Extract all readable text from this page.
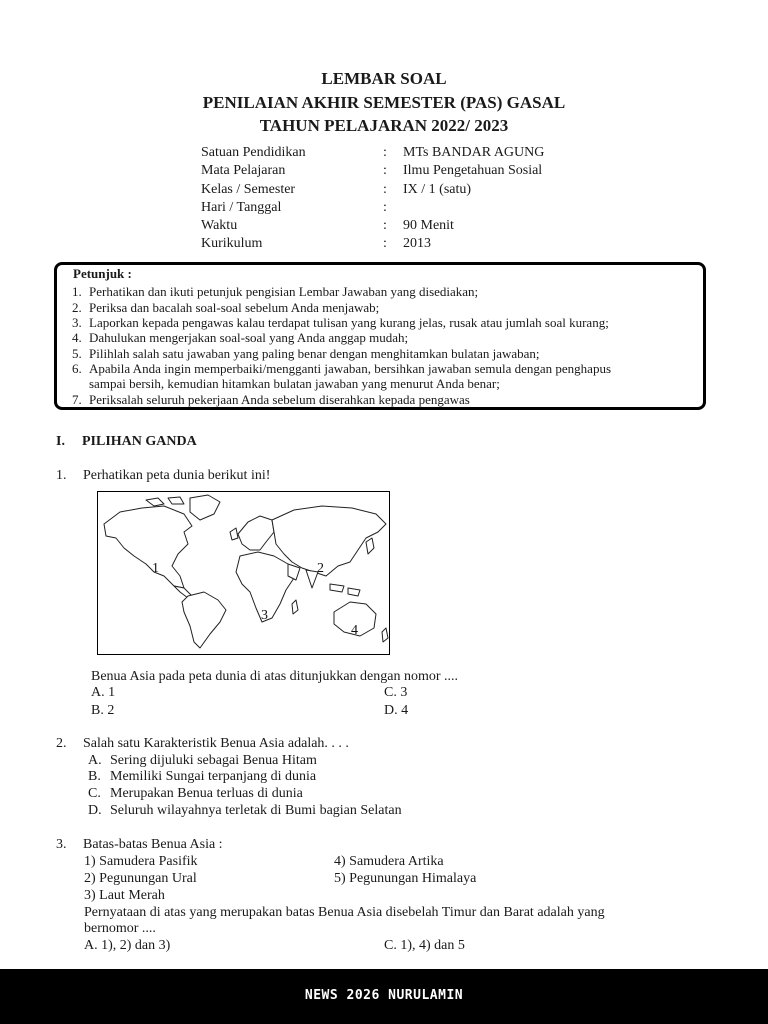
LEMBAR SOAL
PENILAIAN AKHIR SEMESTER (PAS) GASAL
TAHUN PELAJARAN 2022/ 2023
Satuan Pendidikan	: MTs BANDAR AGUNG
Mata Pelajaran	: Ilmu Pengetahuan Sosial
Kelas / Semester	: IX / 1 (satu)
Hari / Tanggal	:
Waktu	: 90 Menit
Kurikulum	: 2013
Petunjuk :
1. Perhatikan dan ikuti petunjuk pengisian Lembar Jawaban yang disediakan;
2. Periksa dan bacalah soal-soal sebelum Anda menjawab;
3. Laporkan kepada pengawas kalau terdapat tulisan yang kurang jelas, rusak atau jumlah soal kurang;
4. Dahulukan mengerjakan soal-soal yang Anda anggap mudah;
5. Pilihlah salah satu jawaban yang paling benar dengan menghitamkan bulatan jawaban;
6. Apabila Anda ingin memperbaiki/mengganti jawaban, bersihkan jawaban semula dengan penghapus
sampai bersih, kemudian hitamkan bulatan jawaban yang menurut Anda benar;
7. Periksalah seluruh pekerjaan Anda sebelum diserahkan kepada pengawas
I. PILIHAN GANDA
1. Perhatikan peta dunia berikut ini!
1	2
3
4
Benua Asia pada peta dunia di atas ditunjukkan dengan nomor ....
A. 1	C. 3
B. 2	D. 4
2. Salah satu Karakteristik Benua Asia adalah. . . .
A. Sering dijuluki sebagai Benua Hitam
B. Memiliki Sungai terpanjang di dunia
C. Merupakan Benua terluas di dunia
D. Seluruh wilayahnya terletak di Bumi bagian Selatan
3. Batas-batas Benua Asia :
1) Samudera Pasifik	4) Samudera Artika
2) Pegunungan Ural	5) Pegunungan Himalaya
3) Laut Merah
Pernyataan di atas yang merupakan batas Benua Asia disebelah Timur dan Barat adalah yang
bernomor ....
A. 1), 2) dan 3)	C. 1), 4) dan 5
NEWS 2026 NURULAMIN
